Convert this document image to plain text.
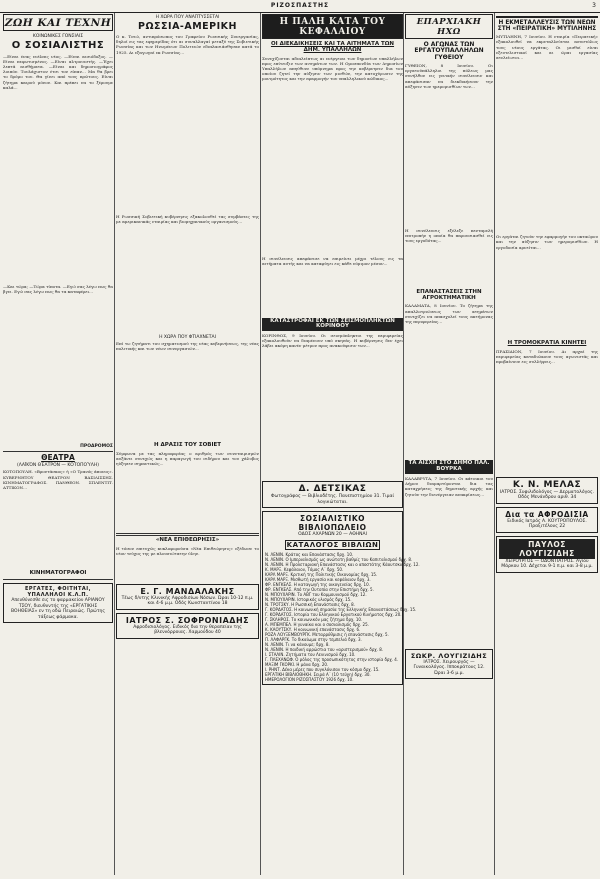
ΡΙΖΟΣΠΑΣΤΗΣ	3
ΖΩΗ ΚΑΙ ΤΕΧΝΗ
ΚΟΙΝΩΝΙΚΕΣ ΓΟΝΣΙΑΙΣ
Ο ΣΟΣΙΑΛΙΣΤΗΣ
—Είναι ένας ευέλπις νέος. —Είναι αισιόδοξος. —Είναι πεφωτισμένος. —Είναι αλτρουιστής. —Έχει λεπτά αισθήματα. —Είναι και δημοσιογράφος λοιπόν. Τουλάχιστον έτσι τον είπαν... Μα θα βρει το δρόμο του. Θα γίνει από τους πρώτους. Είναι ζήτημα καιρού μόνον. Και πρέπει να το ξέρουμε καλά...
—Και τώρα; —Τώρα τίποτα. —Εγώ σας λέγω πως θα βγει. Εγώ σας λέγω πως θα τα καταφέρει...
ΠΡΟΔΡΟΜΟΣ
ΘΕΑΤΡΑ
(ΛΑΪΚΌΝ ΘΈΑΤΡΟΝ — ΚΟΤΟΠΟΎΛΗ)
ΚΟΤΟΠΟΥΛΗ. «Βροντάσκος» ή «Ο Τρανός άπονος». ΚΥΒΕΡΝΗΤΟΥ ΘΕΑΤΡΟΝ ΒΑΣΙΛΙΣΣΗΣ. ΚΙΝΗΜΑΤΟΓΡΑΦΟΣ. ΠΑΝΘΕΟΝ. ΣΠΛΕΝΤΙΤ. ΑΤΤΙΚΟΝ...
ΚΙΝΗΜΑΤΟΓΡΑΦΟΙ
ΕΡΓΑΤΕΣ, ΦΟΙΤΗΤΑΙ, ΥΠΑΛΛΗΛΟΙ Κ.Λ.Π.
Απευθύνεσθε εις το φαρμακείον ΑΡΙΑΝΟΥ ΤΣΟΥ, διευθυντής της «ΕΡΓΑΤΙΚΗΣ ΒΟΗΘΕΙΑΣ» εν τη οδώ Πειραιώς. Πρώτης τάξεως φάρμακα.
Η ΧΩΡΑ ΠΟΥ ΑΝΑΠΤΥΣΣΕΤΑΙ
ΡΩΣΣΙΑ-ΑΜΕΡΙΚΗ
Ο κ. Τσιώ, αντιπρόσωπος του Γραφείου Ρωσσικής Συνεργασίας, δηλοί εις τας εφημερίδας ότι αι συναλλαγαί μεταξύ της Σοβιετικής Ρωσσίας και των Ηνωμένων Πολιτειών εδιπλασιάσθησαν κατά το 1925. Αι εξαγωγαί εκ Ρωσσίας...
Η Ρωσσική Σοβιετική κυβέρνησις εξακολουθεί τας συμβάσεις της με αμερικανικάς εταιρίας και βιομηχανικούς οργανισμούς...
Η ΧΩΡΑ ΠΟΥ ΦΤΙΑΧΝΕΤΑΙ
Επί τω ζητήματι του σχηματισμού της νέας κυβερνήσεως, της νέας πολιτικής και των νέων συνεργασιών...
Η ΔΡΑΣΙΣ ΤΟΥ ΣΟΒΙΕΤ
Σύμφωνα με τας πληροφορίας ο αριθμός των συνεταιρισμών αυξάνει συνεχώς και η παραγωγή του σιδήρου και του χάλυβος ηύξησεν σημαντικώς...
«ΝΕΑ ΕΠΙΘΕΩΡΗΣΙΣ»
Η τόσον επιτυχώς κυκλοφορούσα «Νέα Επιθεώρησις» εξέδωσε το νέον τεύχος της με πλουσιώτατην ύλην.
Ε. Γ. ΜΑΝΔΑΛΑΚΗΣ
Τέως δ/ντης Κλινικής Αφροδισίων Νόσων. Ώραι 10-12 π.μ. και 4-6 μ.μ. Οδός Κωνσταντίνου 18
ΙΑΤΡΟΣ Σ. ΣΟΦΡΟΝΙΑΔΗΣ
Αφροδισιολόγος. Ειδικός δια την θεραπείαν της βλεννόρροιας. Χαρμούδου 40
Η ΠΑΛΗ ΚΑΤΑ ΤΟΥ ΚΕΦΑΛΑΙΟΥ
ΟΙ ΔΙΕΚΔΙΚΗΣΕΙΣ ΚΑΙ ΤΑ ΑΙΤΗΜΑΤΑ ΤΩΝ ΔΗΜ. ΥΠΑΛΛΗΛΩΝ
Συνεχίζονται αδιαλείπτως αι ενέργειαι των δημοσίων υπαλλήλων προς επίτευξιν των αιτημάτων των. Η Ομοσπονδία των Δημοσίων Υπαλλήλων απηύθυνε υπόμνημα προς την κυβέρνησιν δια του οποίου ζητεί την αύξησιν των μισθών, την κατοχύρωσιν της μονιμότητος και την εφαρμογήν του υπαλληλικού κώδικος...
Η συνέλευσις απεφάσισε να επιμείνει μέχρι τέλους εις τα αιτήματα αυτής και να καταφύγει εις κάθε νόμιμον μέσον...
ΚΑΤΑΣΤΡΟΦΑΙ ΕΚ ΤΩΝ ΣΕΙΣΜΟΠΛΗΚΤΩΝ ΚΟΡΙΝΘΟΥ
ΚΟΡΙΝΘΟΣ, 9 Ιουνίου. Οι σεισμόπληκτοι της περιφερείας εξακολουθούν να διαμένουν υπό σκηνάς. Η κυβέρνησις δεν έχει λάβει ακόμη κανέν μέτρον προς ανακούφισιν των...
Δ. ΔΕΤΣΙΚΑΣ
Φωτογράφος — Βιβλιοδέτης. Πανεπιστημίου 31. Τιμαί λογικώταται.
ΣΟΣΙΑΛΙΣΤΙΚΟ ΒΙΒΛΙΟΠΩΛΕΙΟ
ΟΔΟΣ ΑΧΑΡΝΩΝ 20 — ΑΘΗΝΑΙ
ΚΑΤΑΛΟΓΟΣ ΒΙΒΛΙΩΝ
Ν. ΛΕΝΙΝ. Κράτος και Επανάστασις δρχ. 10.
Ν. ΛΕΝΙΝ. Ο Ιμπεριαλισμός ως ανώτατη βαθμίς του Καπιταλισμού δρχ. 8.
Ν. ΛΕΝΙΝ. Η Προλεταριακή Επανάστασις και ο αποστάτης Κάουτσκυ δρχ. 12.
Κ. ΜΑΡΞ. Κεφάλαιον, Τόμος Α΄ δρχ. 50.
ΚΑΡΛ ΜΑΡΞ. Κριτική της Πολιτικής Οικονομίας δρχ. 15.
ΚΑΡΛ ΜΑΡΞ. Μισθωτή εργασία και κεφάλαιον δρχ. 3.
ΦΡ. ΕΝΓΚΕΛΣ. Η καταγωγή της οικογενείας δρχ. 10.
ΦΡ. ΕΝΓΚΕΛΣ. Από την Ουτοπία στην Επιστήμη δρχ. 5.
Ν. ΜΠΟΥΧΑΡΙΝ. Το ΑΒΓ του Κομμουνισμού δρχ. 12.
Ν. ΜΠΟΥΧΑΡΙΝ. Ιστορικός υλισμός δρχ. 15.
Ν. ΤΡΟΤΣΚΥ. Η Ρωσσική Επανάστασις δρχ. 8.
Γ. ΚΟΡΔΑΤΟΣ. Η κοινωνική σημασία της Ελληνικής Επαναστάσεως δρχ. 15.
Γ. ΚΟΡΔΑΤΟΣ. Ιστορία του Ελληνικού Εργατικού Κινήματος δρχ. 20.
Γ. ΣΚΛΗΡΟΣ. Το κοινωνικόν μας ζήτημα δρχ. 10.
Α. ΜΠΕΜΠΕΛ. Η γυναίκα και ο σοσιαλισμός δρχ. 25.
Κ. ΚΑΟΥΤΣΚΥ. Η κοινωνική επανάστασις δρχ. 6.
ΡΟΖΑ ΛΟΥΞΕΜΒΟΥΡΓΚ. Μεταρρύθμισις ή επανάστασις δρχ. 5.
Π. ΛΑΦΑΡΓΚ. Το δικαίωμα στην τεμπελιά δρχ. 3.
Ν. ΛΕΝΙΝ. Τι να κάνουμε; δρχ. 8.
Ν. ΛΕΝΙΝ. Η παιδική αρρώστια του «αριστερισμού» δρχ. 8.
Ι. ΣΤΑΛΙΝ. Ζητήματα του Λενινισμού δρχ. 10.
Γ. ΠΛΕΧΑΝΩΦ. Ο ρόλος της προσωπικότητος στην ιστορία δρχ. 4.
ΜΑΞΙΜ ΓΚΟΡΚΙ. Η μάνα δρχ. 20.
Ι. ΡΗΝΤ. Δέκα μέρες που συγκλόνισαν τον κόσμο δρχ. 15.
ΕΡΓΑΤΙΚΗ ΒΙΒΛΙΟΘΗΚΗ. Σειρά Α΄ (10 τεύχη) δρχ. 30.
ΗΜΕΡΟΛΟΓΙΟΝ ΡΙΖΟΣΠΑΣΤΟΥ 1926 δρχ. 10.
ΕΠΑΡΧΙΑΚΗ ΗΧΩ
Ο ΑΓΩΝΑΣ ΤΩΝ ΕΡΓΑΤΟΫΠΑΛΛΗΛΩΝ ΓΥΘΕΙΟΥ
ΓΥΘΕΙΟΝ, 8 Ιουνίου. Οι εργατοϋπάλληλοι της πόλεως μας συνήλθον εις γενικήν συνέλευσιν και απεφάσισαν να διεκδικήσουν την αύξησιν των ημερομισθίων των...
Η συνέλευσις εξέλεξε πενταμελή επιτροπήν η οποία θα παρουσιασθεί εις τους εργοδότας...
ΕΠΑΝΑΣΤΑΣΕΙΣ ΣΤΗΝ ΑΓΡΟΚΤΗΜΑΤΙΚΗ
ΚΑΛΑΜΑΤΑ, 8 Ιουνίου. Το ζήτημα της απαλλοτριώσεως των κτημάτων συνεχίζει να απασχολεί τους ακτήμονας της περιφερείας...
ΤΑ ΑΙΣΧΗ ΣΤΟ ΔΗΜΟ ΠΑΛ. ΒΟΥΡΚΑ
ΚΑΛΑΒΡΥΤΑ, 7 Ιουνίου. Οι κάτοικοι του Δήμου διαμαρτύρονται δια τας καταχρήσεις της δημοτικής αρχής και ζητούν την διενέργειαν ανακρίσεως...
ΣΩΚΡ. ΛΟΥΓΙΖΙΔΗΣ
ΙΑΤΡΟΣ. Χειρουργός — Γυναικολόγος. Ιπποκράτους 12. Ώραι 3-6 μ.μ.
Η ΕΚΜΕΤΑΛΛΕΥΣΙΣ ΤΩΝ ΝΕΩΝ ΣΤΗ «ΠΕΙΡΑΤΙΚΗ» ΜΥΤΙΛΗΝΗΣ
ΜΥΤΙΛΗΝΗ, 7 Ιουνίου. Η εταιρία «Πειρατική» εξακολουθεί να εκμεταλλεύεται ασυστόλως τους νέους εργάτας. Οι μισθοί είναι εξευτελιστικοί και αι ώραι εργασίας ατελείωτοι...
Οι εργάται ζητούν την εφαρμογήν του οκταώρου και την αύξησιν των ημερομισθίων. Η εργοδοσία αρνείται...
Η ΤΡΟΜΟΚΡΑΤΙΑ ΚΙΝΗΤΕΙ
ΠΡΑΣΙΑΙΟΝ, 7 Ιουνίου. Αι αρχαί της περιφερείας καταδιώκουν τους αγωνιστάς και προβαίνουν εις συλλήψεις...
Κ. Ν. ΜΕΛΑΣ
ΙΑΤΡΟΣ. Συφιλιδολόγος — Δερματολόγος. Οδός Μενάνδρου αριθ. 34
Δια τα ΑΦΡΟΔΙΣΙΑ
Ειδικός Ιατρός Α. ΚΟΥΤΡΟΠΟΥΛΟΣ. Πραξιτέλους 22
ΠΑΥΛΟΣ ΛΟΥΓΙΖΙΔΗΣ
ΧΕΙΡΟΥΡΓΟΣ — ΟΔΟΝΤΙΑΤΡΟΣ. Αγίου Μάρκου 10. Δέχεται 9-1 π.μ. και 3-8 μ.μ.
